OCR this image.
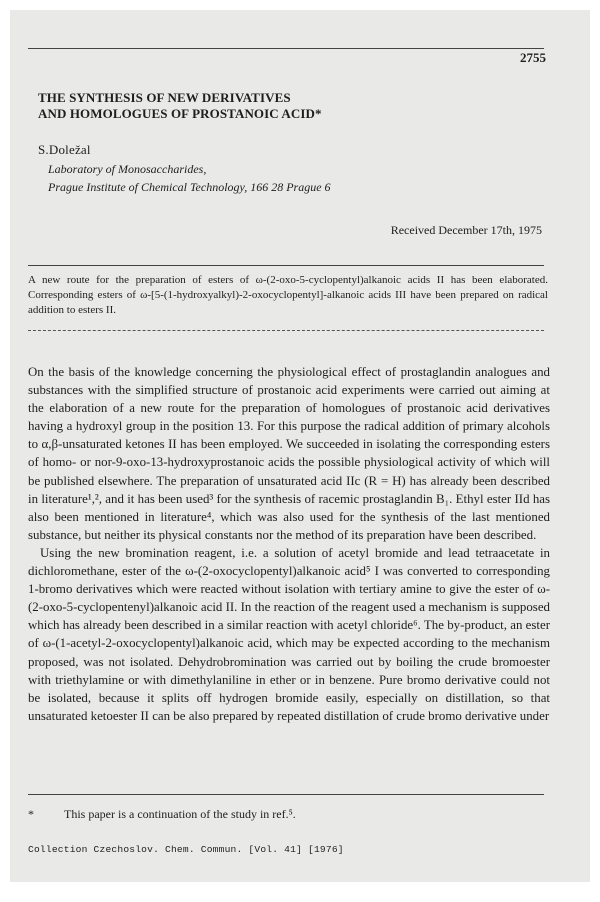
2755
THE SYNTHESIS OF NEW DERIVATIVES
AND HOMOLOGUES OF PROSTANOIC ACID*
S.Doležal
Laboratory of Monosaccharides,
Prague Institute of Chemical Technology, 166 28 Prague 6
Received December 17th, 1975
A new route for the preparation of esters of ω-(2-oxo-5-cyclopentyl)alkanoic acids II has been elaborated. Corresponding esters of ω-[5-(1-hydroxyalkyl)-2-oxocyclopentyl]-alkanoic acids III have been prepared on radical addition to esters II.

On the basis of the knowledge concerning the physiological effect of prostaglandin analogues and substances with the simplified structure of prostanoic acid experiments were carried out aiming at the elaboration of a new route for the preparation of homologues of prostanoic acid derivatives having a hydroxyl group in the position 13. For this purpose the radical addition of primary alcohols to α,β-unsaturated ketones II has been employed. We succeeded in isolating the corresponding esters of homo- or nor-9-oxo-13-hydroxyprostanoic acids the possible physiological activity of which will be published elsewhere. The preparation of unsaturated acid IIc (R = H) has already been described in literature¹,², and it has been used³ for the synthesis of racemic prostaglandin B₁. Ethyl ester IId has also been mentioned in literature⁴, which was also used for the synthesis of the last mentioned substance, but neither its physical constants nor the method of its preparation have been described.

Using the new bromination reagent, i.e. a solution of acetyl bromide and lead tetraacetate in dichloromethane, ester of the ω-(2-oxocyclopentyl)alkanoic acid⁵ I was converted to corresponding 1-bromo derivatives which were reacted without isolation with tertiary amine to give the ester of ω-(2-oxo-5-cyclopentenyl)alkanoic acid II. In the reaction of the reagent used a mechanism is supposed which has already been described in a similar reaction with acetyl chloride⁶. The by-product, an ester of ω-(1-acetyl-2-oxocyclopentyl)alkanoic acid, which may be expected according to the mechanism proposed, was not isolated. Dehydrobromination was carried out by boiling the crude bromoester with triethylamine or with dimethylaniline in ether or in benzene. Pure bromo derivative could not be isolated, because it splits off hydrogen bromide easily, especially on distillation, so that unsaturated ketoester II can be also prepared by repeated distillation of crude bromo derivative under

*	This paper is a continuation of the study in ref.⁵.
Collection Czechoslov. Chem. Commun. [Vol. 41] [1976]
